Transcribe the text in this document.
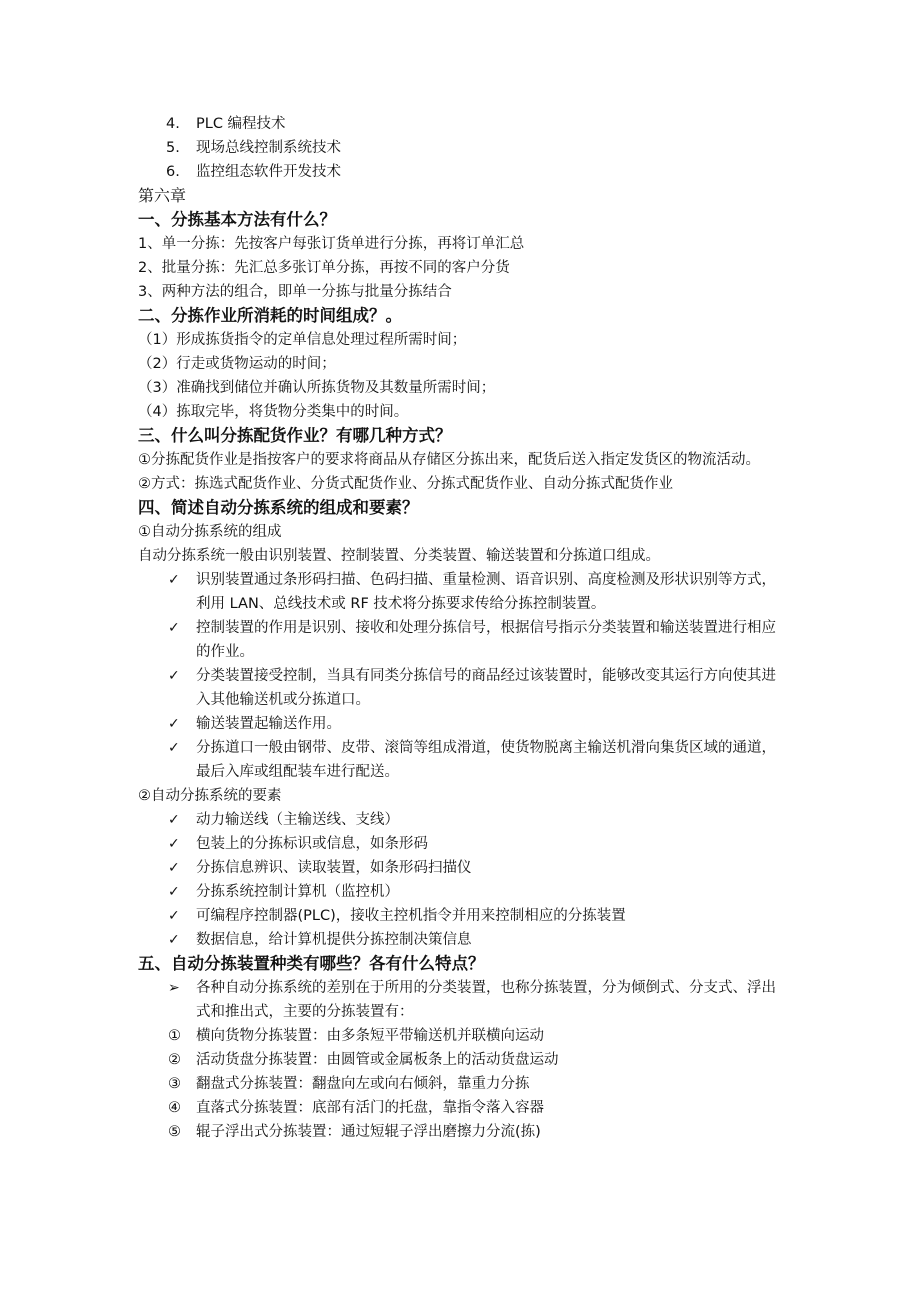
4.	PLC 编程技术
5.	现场总线控制系统技术
6.	监控组态软件开发技术
第六章
一、分拣基本方法有什么？
1、单一分拣：先按客户每张订货单进行分拣，再将订单汇总
2、批量分拣：先汇总多张订单分拣，再按不同的客户分货
3、两种方法的组合，即单一分拣与批量分拣结合
二、分拣作业所消耗的时间组成？。
（1）形成拣货指令的定单信息处理过程所需时间；
（2）行走或货物运动的时间；
（3）准确找到储位并确认所拣货物及其数量所需时间；
（4）拣取完毕，将货物分类集中的时间。
三、什么叫分拣配货作业？有哪几种方式？
①分拣配货作业是指按客户的要求将商品从存储区分拣出来，配货后送入指定发货区的物流活动。
②方式：拣选式配货作业、分货式配货作业、分拣式配货作业、自动分拣式配货作业
四、简述自动分拣系统的组成和要素？
①自动分拣系统的组成
自动分拣系统一般由识别装置、控制装置、分类装置、输送装置和分拣道口组成。
✓	识别装置通过条形码扫描、色码扫描、重量检测、语音识别、高度检测及形状识别等方式，利用 LAN、总线技术或 RF 技术将分拣要求传给分拣控制装置。
✓	控制装置的作用是识别、接收和处理分拣信号，根据信号指示分类装置和输送装置进行相应的作业。
✓	分类装置接受控制，当具有同类分拣信号的商品经过该装置时，能够改变其运行方向使其进入其他输送机或分拣道口。
✓	输送装置起输送作用。
✓	分拣道口一般由钢带、皮带、滚筒等组成滑道，使货物脱离主输送机滑向集货区域的通道，最后入库或组配装车进行配送。
②自动分拣系统的要素
✓	动力输送线（主输送线、支线）
✓	包装上的分拣标识或信息，如条形码
✓	分拣信息辨识、读取装置，如条形码扫描仪
✓	分拣系统控制计算机（监控机）
✓	可编程序控制器(PLC)，接收主控机指令并用来控制相应的分拣装置
✓	数据信息，给计算机提供分拣控制决策信息
五、自动分拣装置种类有哪些？各有什么特点？
➢	各种自动分拣系统的差别在于所用的分类装置，也称分拣装置，分为倾倒式、分支式、浮出式和推出式，主要的分拣装置有：
①	横向货物分拣装置：由多条短平带输送机并联横向运动
②	活动货盘分拣装置：由圆管或金属板条上的活动货盘运动
③	翻盘式分拣装置：翻盘向左或向右倾斜，靠重力分拣
④	直落式分拣装置：底部有活门的托盘，靠指令落入容器
⑤	辊子浮出式分拣装置：通过短辊子浮出磨擦力分流(拣)
